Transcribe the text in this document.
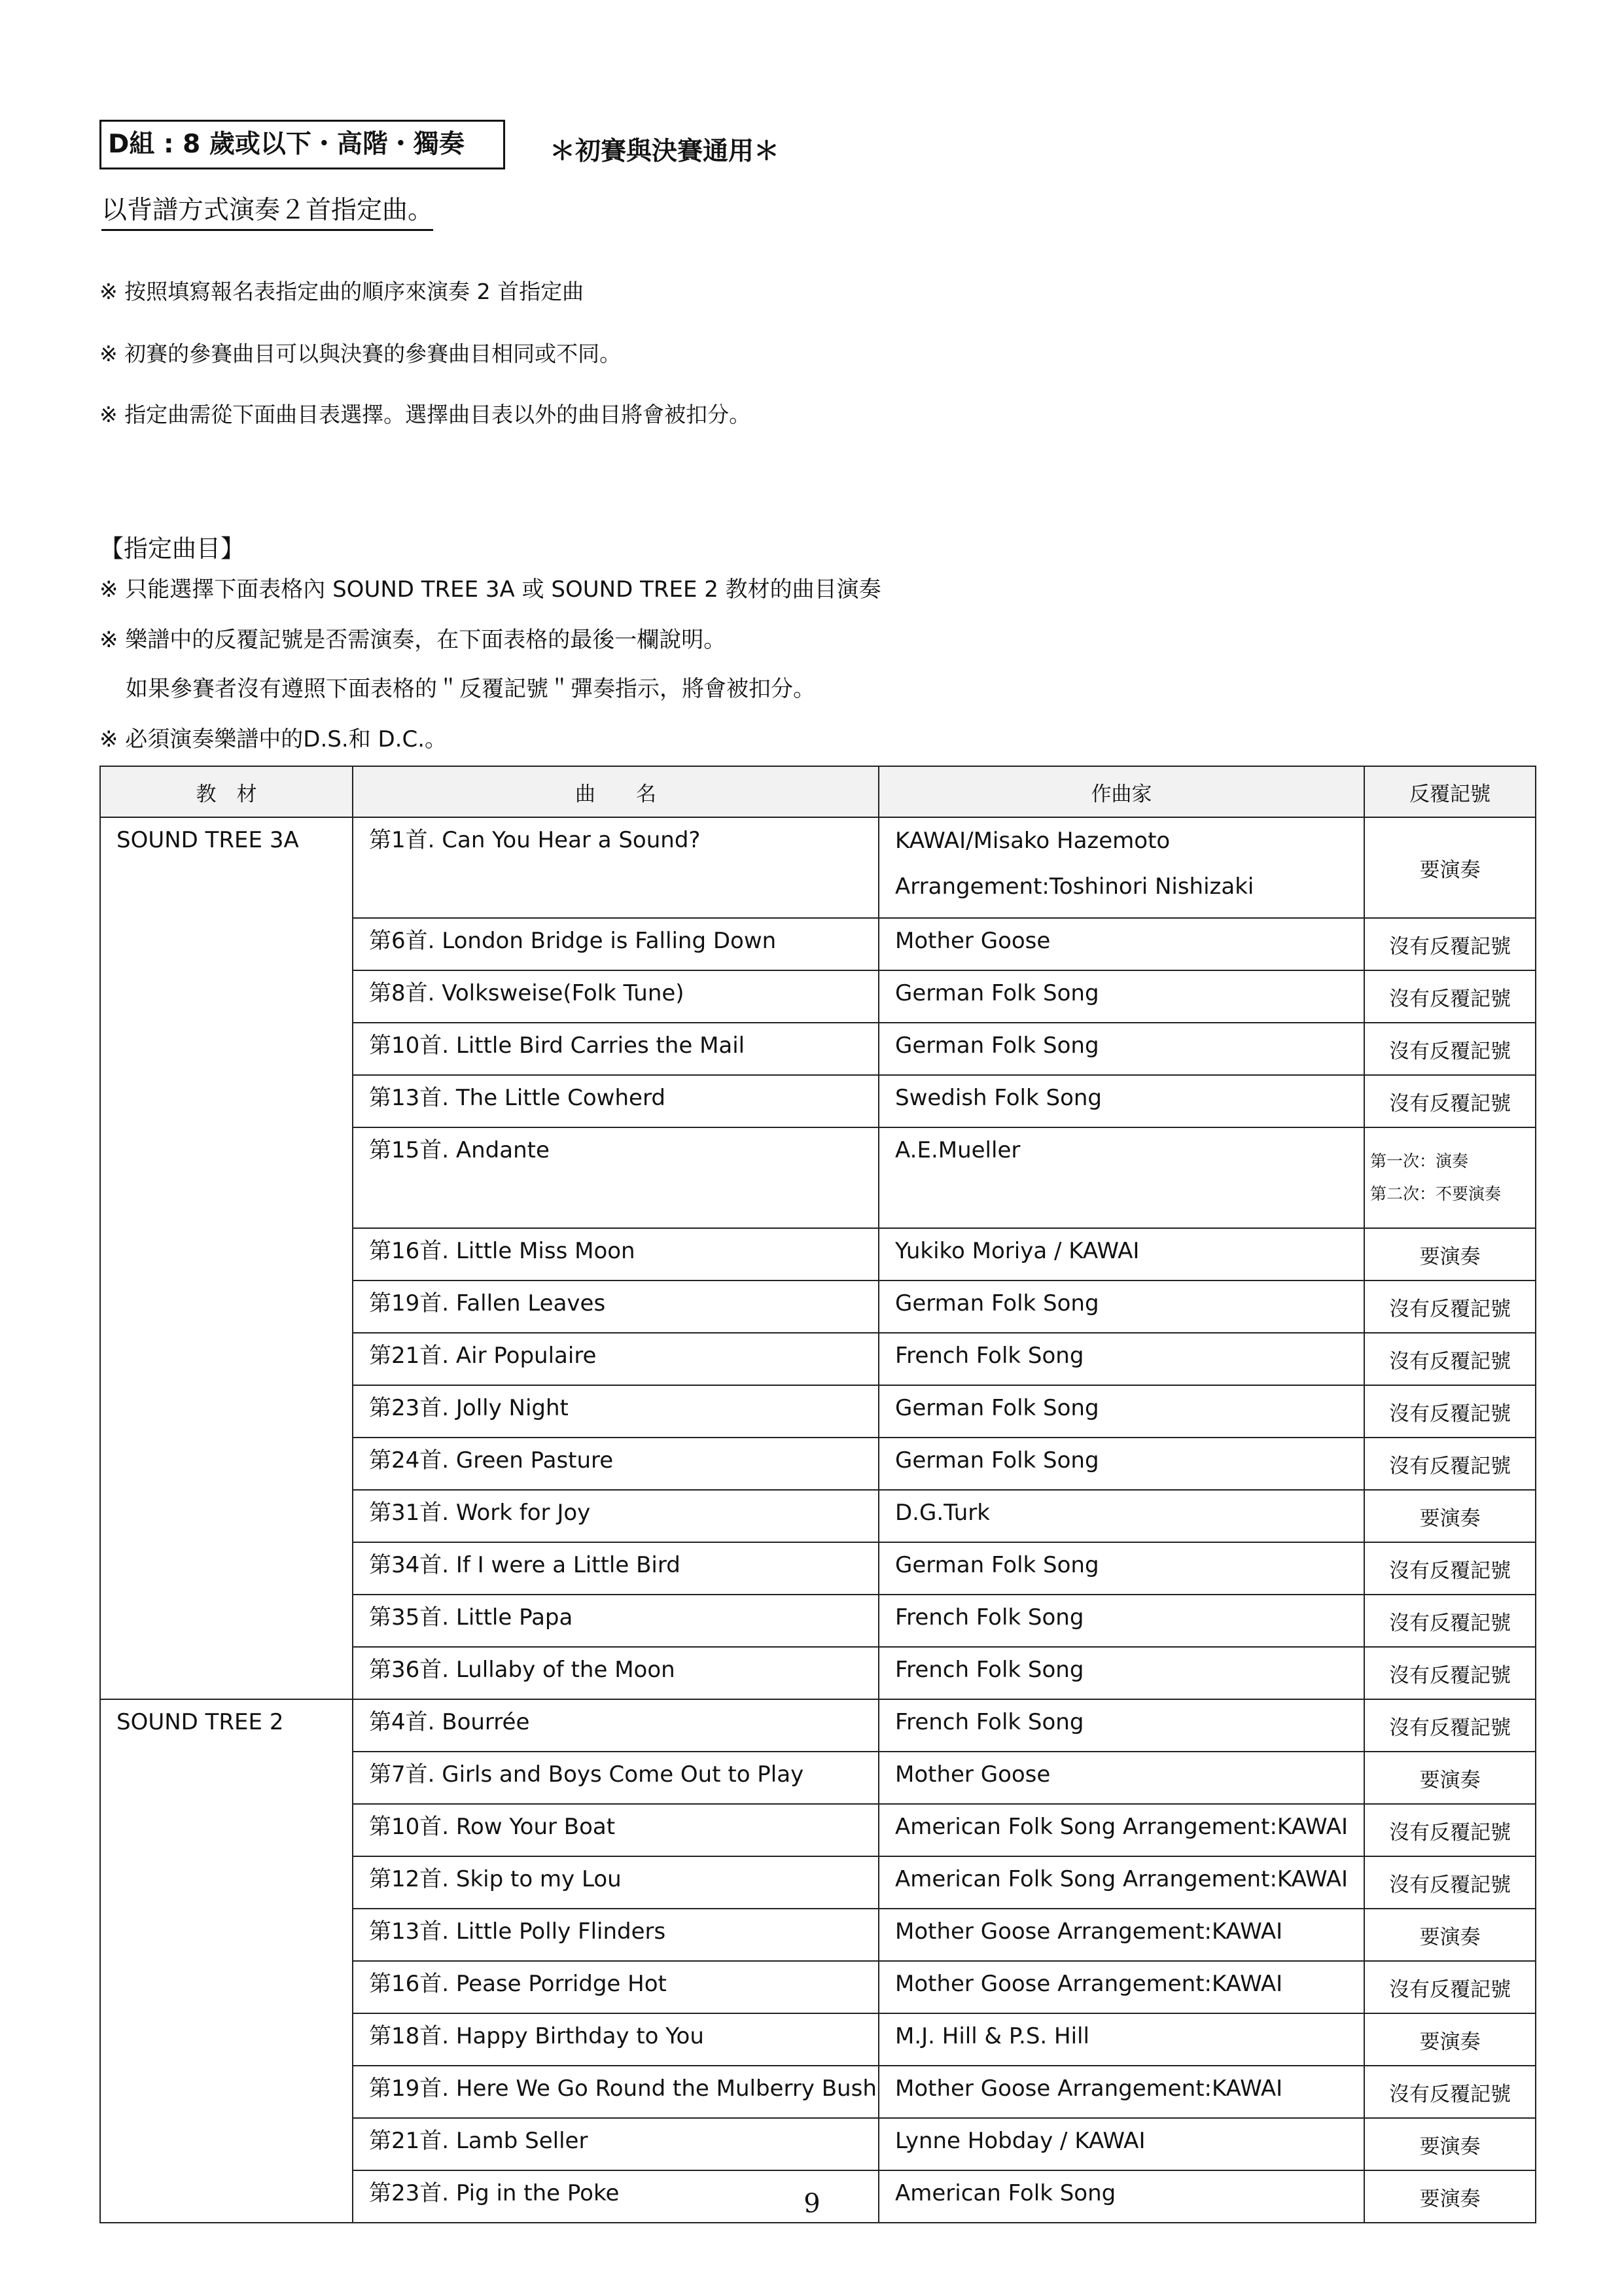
D組 : 8 歲或以下・高階・獨奏	＊初賽與決賽通用＊
以背譜方式演奏２首指定曲。
※ 按照填寫報名表指定曲的順序來演奏 2 首指定曲
※ 初賽的參賽曲目可以與決賽的參賽曲目相同或不同。
※ 指定曲需從下面曲目表選擇。選擇曲目表以外的曲目將會被扣分。
【指定曲目】
※ 只能選擇下面表格內 SOUND TREE 3A 或 SOUND TREE 2 教材的曲目演奏
※ 樂譜中的反覆記號是否需演奏，在下面表格的最後一欄說明。
如果參賽者沒有遵照下面表格的＂反覆記號＂彈奏指示，將會被扣分。
※ 必須演奏樂譜中的D.S.和 D.C.。
教　材	曲　　名	作曲家	反覆記號

SOUND TREE 3A	第1首. Can You Hear a Sound?	KAWAI/Misako Hazemoto
Arrangement:Toshinori Nishizaki	要演奏

	第6首. London Bridge is Falling Down	Mother Goose	沒有反覆記號

	第8首. Volksweise(Folk Tune)	German Folk Song	沒有反覆記號

	第10首. Little Bird Carries the Mail	German Folk Song	沒有反覆記號

	第13首. The Little Cowherd	Swedish Folk Song	沒有反覆記號

	第15首. Andante	A.E.Mueller	第一次：演奏
第二次：不要演奏

	第16首. Little Miss Moon	Yukiko Moriya / KAWAI	要演奏

	第19首. Fallen Leaves	German Folk Song	沒有反覆記號

	第21首. Air Populaire	French Folk Song	沒有反覆記號

	第23首. Jolly Night	German Folk Song	沒有反覆記號

	第24首. Green Pasture	German Folk Song	沒有反覆記號

	第31首. Work for Joy	D.G.Turk	要演奏

	第34首. If I were a Little Bird	German Folk Song	沒有反覆記號

	第35首. Little Papa	French Folk Song	沒有反覆記號

	第36首. Lullaby of the Moon	French Folk Song	沒有反覆記號

SOUND TREE 2	第4首. Bourrée	French Folk Song	沒有反覆記號

	第7首. Girls and Boys Come Out to Play	Mother Goose	要演奏

	第10首. Row Your Boat	American Folk Song Arrangement:KAWAI	沒有反覆記號

	第12首. Skip to my Lou	American Folk Song Arrangement:KAWAI	沒有反覆記號

	第13首. Little Polly Flinders	Mother Goose Arrangement:KAWAI	要演奏

	第16首. Pease Porridge Hot	Mother Goose Arrangement:KAWAI	沒有反覆記號

	第18首. Happy Birthday to You	M.J. Hill & P.S. Hill	要演奏

	第19首. Here We Go Round the Mulberry Bush	Mother Goose Arrangement:KAWAI	沒有反覆記號

	第21首. Lamb Seller	Lynne Hobday / KAWAI	要演奏

	第23首. Pig in the Poke	American Folk Song	要演奏
9
